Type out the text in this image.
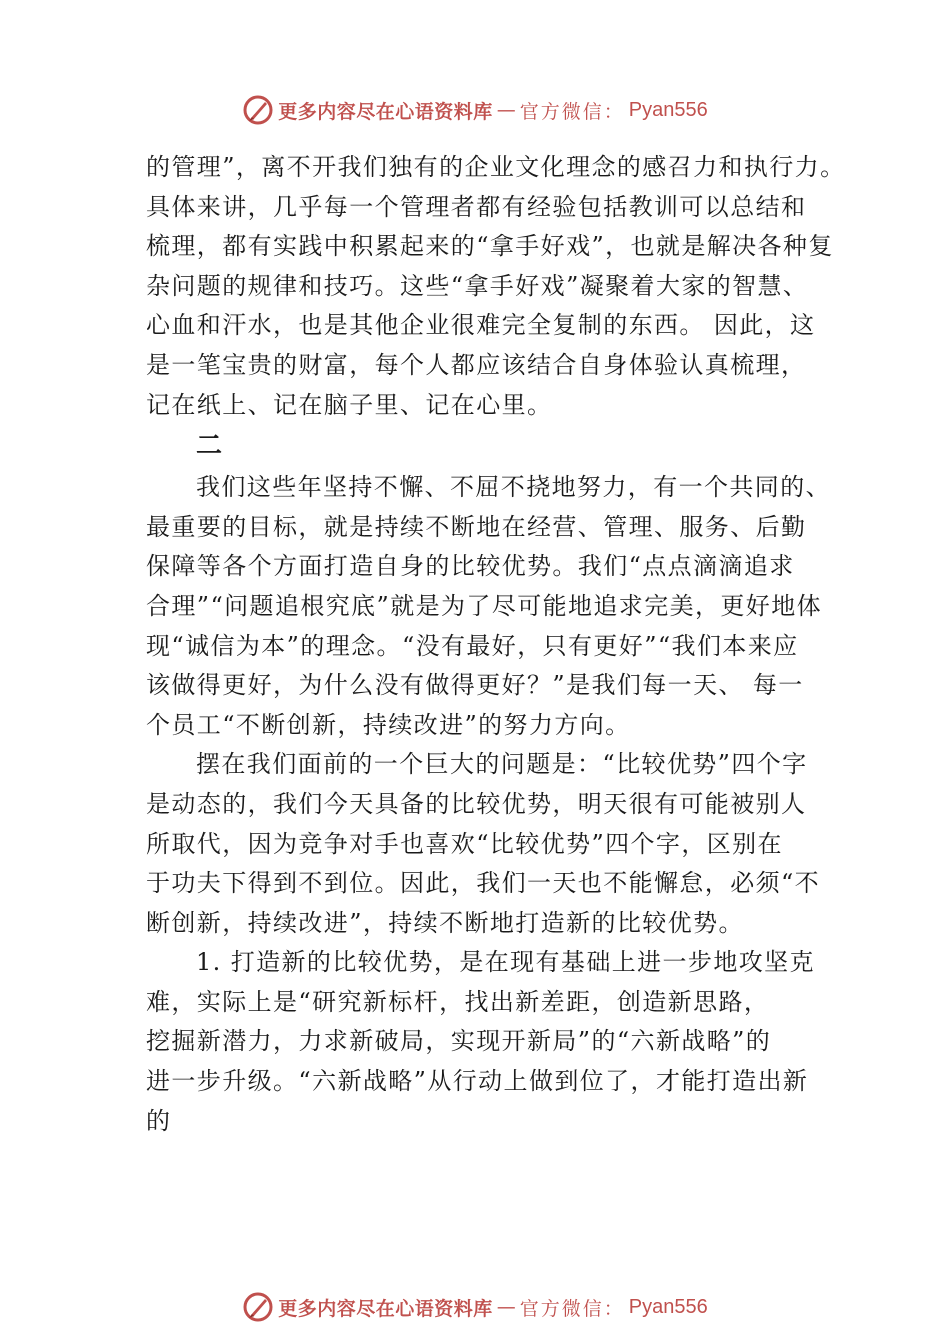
更多内容尽在心语资料库 — 官方微信： Pyan556
的管理”，离不开我们独有的企业文化理念的感召力和执行力。
具体来讲，几乎每一个管理者都有经验包括教训可以总结和
梳理，都有实践中积累起来的“拿手好戏”，也就是解决各种复
杂问题的规律和技巧。这些“拿手好戏”凝聚着大家的智慧、
心血和汗水，也是其他企业很难完全复制的东西。 因此，这
是一笔宝贵的财富，每个人都应该结合自身体验认真梳理，
记在纸上、记在脑子里、记在心里。
二
我们这些年坚持不懈、不屈不挠地努力，有一个共同的、
最重要的目标，就是持续不断地在经营、管理、服务、后勤
保障等各个方面打造自身的比较优势。我们“点点滴滴追求
合理”“问题追根究底”就是为了尽可能地追求完美，更好地体
现“诚信为本”的理念。“没有最好，只有更好”“我们本来应
该做得更好，为什么没有做得更好？”是我们每一天、 每一
个员工“不断创新，持续改进”的努力方向。
摆在我们面前的一个巨大的问题是：“比较优势”四个字
是动态的，我们今天具备的比较优势，明天很有可能被别人
所取代，因为竞争对手也喜欢“比较优势”四个字，区别在
于功夫下得到不到位。因此，我们一天也不能懈怠，必须“不
断创新，持续改进”，持续不断地打造新的比较优势。
1. 打造新的比较优势，是在现有基础上进一步地攻坚克
难，实际上是“研究新标杆，找出新差距，创造新思路，
挖掘新潜力，力求新破局，实现开新局”的“六新战略”的
进一步升级。“六新战略”从行动上做到位了，才能打造出新
的
更多内容尽在心语资料库 — 官方微信： Pyan556
